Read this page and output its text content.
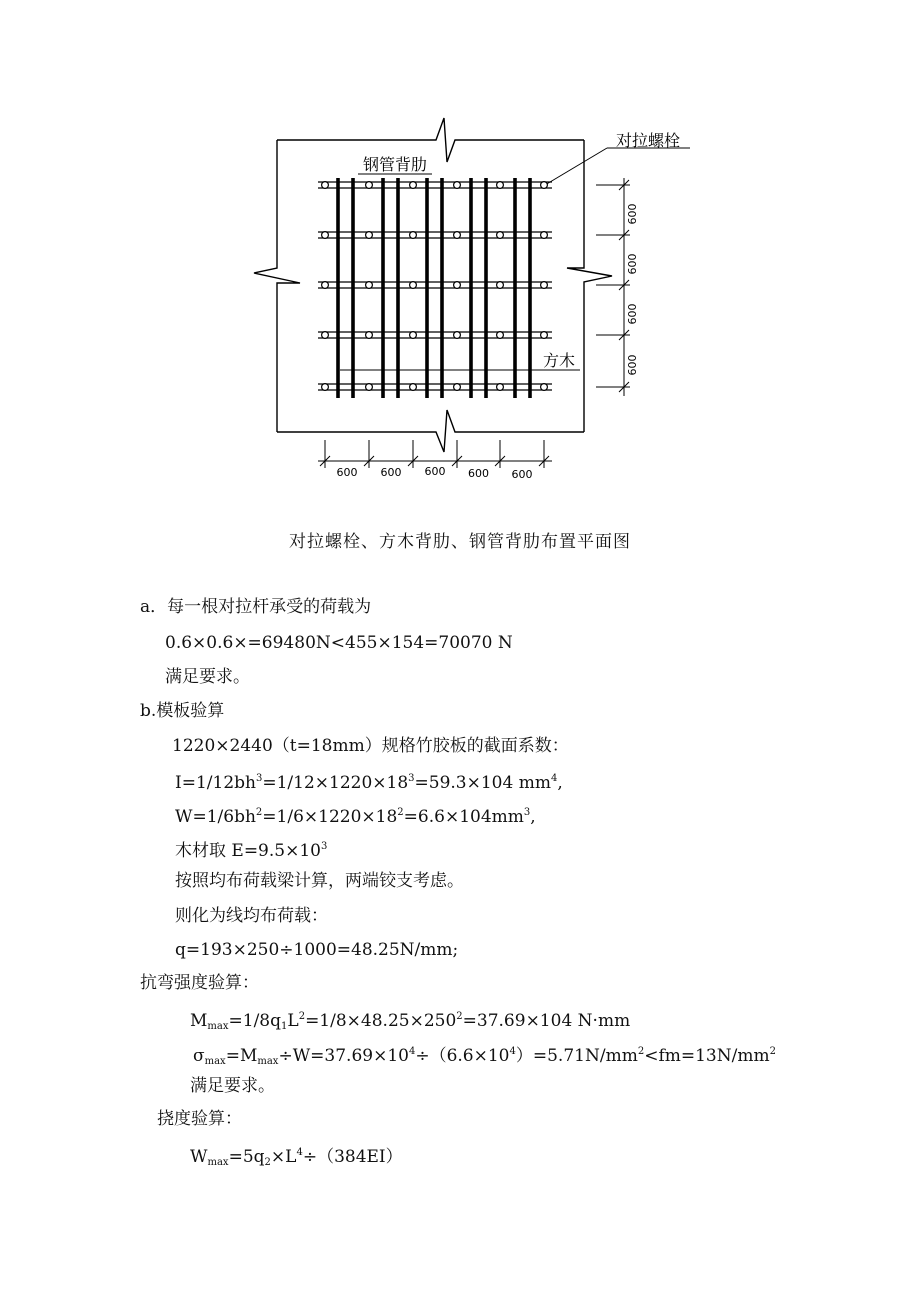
600
600
600
600
600 600 600 600 600
对拉螺栓
钢管背肋
方木
对拉螺栓、方木背肋、钢管背肋布置平面图
a．每一根对拉杆承受的荷载为
0.6×0.6×=69480N<455×154=70070 N
满足要求。
b.模板验算
1220×2440（t=18mm）规格竹胶板的截面系数：
$I=1/12bh^3=1/12\times 1220\times 18^3=59.3\times 104$ $mm^4$,
$W=1/6bh^2=1/6\times 1220\times 18^2=6.6\times 104mm^3$,
木材取 $E=9.5\times 10^3$
按照均布荷载梁计算，两端铰支考虑。
则化为线均布荷载：
q=193×250÷1000=48.25N/mm;
抗弯强度验算：
$M_{max}=1/8q_1L^2=1/8\times 48.25\times 250^2=37.69\times 104$ N·mm
$\sigma_{max}=M_{max}\div W=37.69\times 10^4\div(6.6\times 10^4)=5.71N/mm^2<fm=13N/mm^2$
满足要求。
挠度验算：
$W_{max}=5q_2\times L^4\div(384EI)$
